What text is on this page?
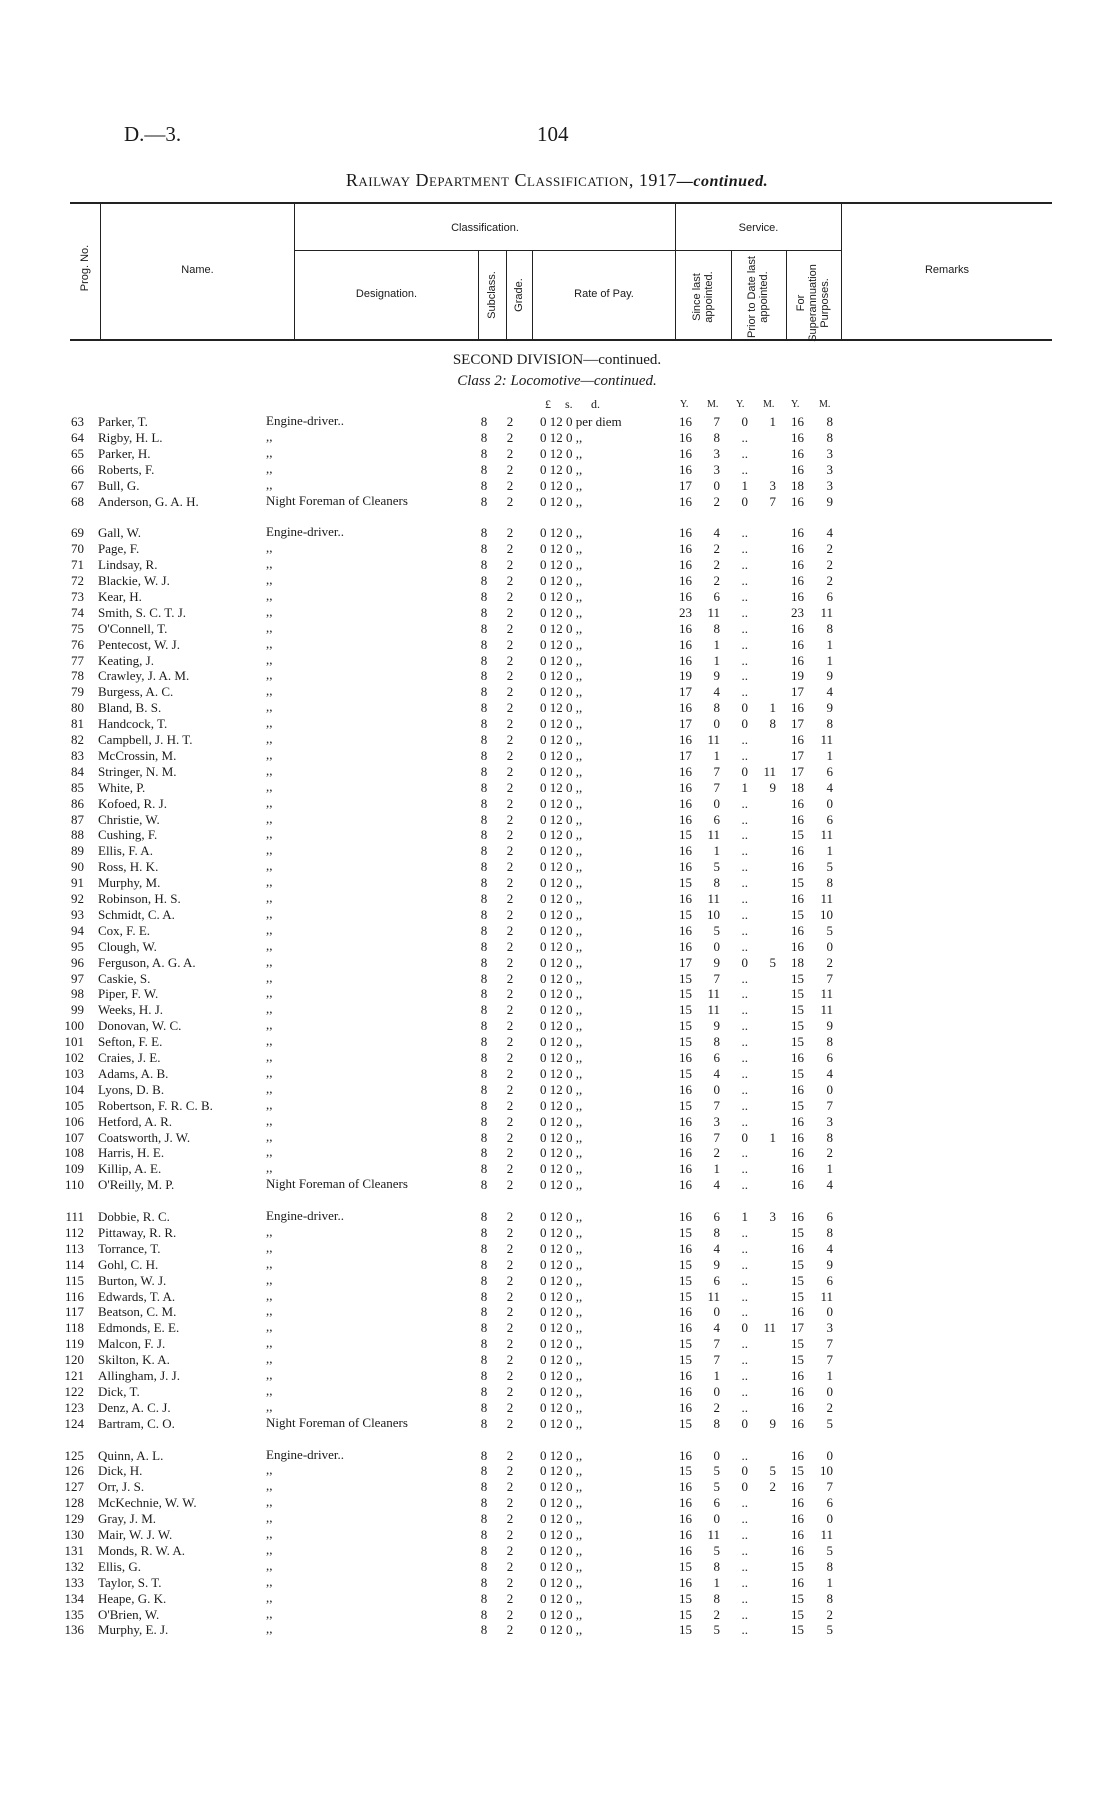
D.—3.	104
Railway Department Classification, 1917—continued.
Prog. No.	Name.
Classification.	Service.
Designation.	Subclass. Grade.	Rate of Pay.	Since last appointed.	Prior to Date last appointed. For Superannuation Purposes.
Remarks
SECOND DIVISION—continued.
Class 2: Locomotive—continued.
£ s. d.	Y. M. Y. M. Y. M.
63 Parker, T.	Engine-driver..	8 2 0 12 0 per diem	16	7	0	1	16	8
64 Rigby, H. L.	,,	8 2 0 12 0 ,,	16	8	..	16	8
65 Parker, H.	,,	8 2 0 12 0 ,,	16	3	..	16	3
66 Roberts, F.	,,	8 2 0 12 0 ,,	16	3	..	16	3
67 Bull, G.	,,	8 2 0 12 0 ,,	17	0	1	3	18	3
68 Anderson, G. A. H.	Night Foreman of Cleaners	8 2 0 12 0 ,,	16	2	0	7	16	9
69 Gall, W.	Engine-driver..	8 2 0 12 0 ,,	16	4	..	16	4
70 Page, F.	,,	8 2 0 12 0 ,,	16	2	..	16	2
71 Lindsay, R.	,,	8 2 0 12 0 ,,	16	2	..	16	2
72 Blackie, W. J.	,,	8 2 0 12 0 ,,	16	2	..	16	2
73 Kear, H.	,,	8 2 0 12 0 ,,	16	6	..	16	6
74 Smith, S. C. T. J.	,,	8 2 0 12 0 ,,	23	11	..	23	11
75 O'Connell, T.	,,	8 2 0 12 0 ,,	16	8	..	16	8
76 Pentecost, W. J.	,,	8 2 0 12 0 ,,	16	1	..	16	1
77 Keating, J.	,,	8 2 0 12 0 ,,	16	1	..	16	1
78 Crawley, J. A. M.	,,	8 2 0 12 0 ,,	19	9	..	19	9
79 Burgess, A. C.	,,	8 2 0 12 0 ,,	17	4	..	17	4
80 Bland, B. S.	,,	8 2 0 12 0 ,,	16	8	0	1	16	9
81 Handcock, T.	,,	8 2 0 12 0 ,,	17	0	0	8	17	8
82 Campbell, J. H. T.	,,	8 2 0 12 0 ,,	16	11	..	16	11
83 McCrossin, M.	,,	8 2 0 12 0 ,,	17	1	..	17	1
84 Stringer, N. M.	,,	8 2 0 12 0 ,,	16	7	0	11	17	6
85 White, P.	,,	8 2 0 12 0 ,,	16	7	1	9	18	4
86 Kofoed, R. J.	,,	8 2 0 12 0 ,,	16	0	..	16	0
87 Christie, W.	,,	8 2 0 12 0 ,,	16	6	..	16	6
88 Cushing, F.	,,	8 2 0 12 0 ,,	15	11	..	15	11
89 Ellis, F. A.	,,	8 2 0 12 0 ,,	16	1	..	16	1
90 Ross, H. K.	,,	8 2 0 12 0 ,,	16	5	..	16	5
91 Murphy, M.	,,	8 2 0 12 0 ,,	15	8	..	15	8
92 Robinson, H. S.	,,	8 2 0 12 0 ,,	16	11	..	16	11
93 Schmidt, C. A.	,,	8 2 0 12 0 ,,	15	10	..	15	10
94 Cox, F. E.	,,	8 2 0 12 0 ,,	16	5	..	16	5
95 Clough, W.	,,	8 2 0 12 0 ,,	16	0	..	16	0
96 Ferguson, A. G. A.	,,	8 2 0 12 0 ,,	17	9	0	5	18	2
97 Caskie, S.	,,	8 2 0 12 0 ,,	15	7	..	15	7
98 Piper, F. W.	,,	8 2 0 12 0 ,,	15	11	..	15	11
99 Weeks, H. J.	,,	8 2 0 12 0 ,,	15	11	..	15	11
100 Donovan, W. C.	,,	8 2 0 12 0 ,,	15	9	..	15	9
101 Sefton, F. E.	,,	8 2 0 12 0 ,,	15	8	..	15	8
102 Craies, J. E.	,,	8 2 0 12 0 ,,	16	6	..	16	6
103 Adams, A. B.	,,	8 2 0 12 0 ,,	15	4	..	15	4
104 Lyons, D. B.	,,	8 2 0 12 0 ,,	16	0	..	16	0
105 Robertson, F. R. C. B.	,,	8 2 0 12 0 ,,	15	7	..	15	7
106 Hetford, A. R.	,,	8 2 0 12 0 ,,	16	3	..	16	3
107 Coatsworth, J. W.	,,	8 2 0 12 0 ,,	16	7	0	1	16	8
108 Harris, H. E.	,,	8 2 0 12 0 ,,	16	2	..	16	2
109 Killip, A. E.	,,	8 2 0 12 0 ,,	16	1	..	16	1
110 O'Reilly, M. P.	Night Foreman of Cleaners	8 2 0 12 0 ,,	16	4	..	16	4
111 Dobbie, R. C.	Engine-driver..	8 2 0 12 0 ,,	16	6	1	3	16	6
112 Pittaway, R. R.	,,	8 2 0 12 0 ,,	15	8	..	15	8
113 Torrance, T.	,,	8 2 0 12 0 ,,	16	4	..	16	4
114 Gohl, C. H.	,,	8 2 0 12 0 ,,	15	9	..	15	9
115 Burton, W. J.	,,	8 2 0 12 0 ,,	15	6	..	15	6
116 Edwards, T. A.	,,	8 2 0 12 0 ,,	15	11	..	15	11
117 Beatson, C. M.	,,	8 2 0 12 0 ,,	16	0	..	16	0
118 Edmonds, E. E.	,,	8 2 0 12 0 ,,	16	4	0	11	17	3
119 Malcon, F. J.	,,	8 2 0 12 0 ,,	15	7	..	15	7
120 Skilton, K. A.	,,	8 2 0 12 0 ,,	15	7	..	15	7
121 Allingham, J. J.	,,	8 2 0 12 0 ,,	16	1	..	16	1
122 Dick, T.	,,	8 2 0 12 0 ,,	16	0	..	16	0
123 Denz, A. C. J.	,,	8 2 0 12 0 ,,	16	2	..	16	2
124 Bartram, C. O.	Night Foreman of Cleaners	8 2 0 12 0 ,,	15	8	0	9	16	5
125 Quinn, A. L.	Engine-driver..	8 2 0 12 0 ,,	16	0	..	16	0
126 Dick, H.	,,	8 2 0 12 0 ,,	15	5	0	5	15	10
127 Orr, J. S.	,,	8 2 0 12 0 ,,	16	5	0	2	16	7
128 McKechnie, W. W.	,,	8 2 0 12 0 ,,	16	6	..	16	6
129 Gray, J. M.	,,	8 2 0 12 0 ,,	16	0	..	16	0
130 Mair, W. J. W.	,,	8 2 0 12 0 ,,	16	11	..	16	11
131 Monds, R. W. A.	,,	8 2 0 12 0 ,,	16	5	..	16	5
132 Ellis, G.	,,	8 2 0 12 0 ,,	15	8	..	15	8
133 Taylor, S. T.	,,	8 2 0 12 0 ,,	16	1	..	16	1
134 Heape, G. K.	,,	8 2 0 12 0 ,,	15	8	..	15	8
135 O'Brien, W.	,,	8 2 0 12 0 ,,	15	2	..	15	2
136 Murphy, E. J.	,,	8 2 0 12 0 ,,	15	5	..	15	5
